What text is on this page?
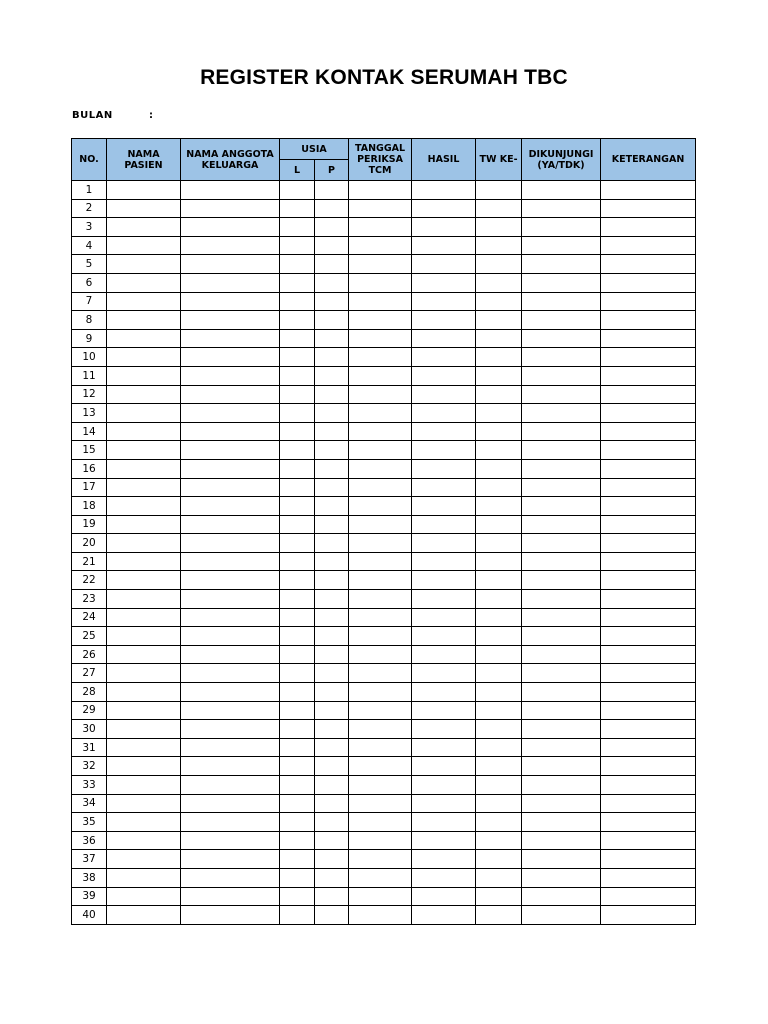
REGISTER KONTAK SERUMAH TBC
BULAN	:
NO.	NAMA PASIEN	NAMA ANGGOTA KELUARGA	USIA		TANGGAL PERIKSA TCM	HASIL	TW KE-	DIKUNJUNGI (YA/TDK)	KETERANGAN
			L	P					
1									
2									
3									
4									
5									
6									
7									
8									
9									
10									
11									
12									
13									
14									
15									
16									
17									
18									
19									
20									
21									
22									
23									
24									
25									
26									
27									
28									
29									
30									
31									
32									
33									
34									
35									
36									
37									
38									
39									
40									
